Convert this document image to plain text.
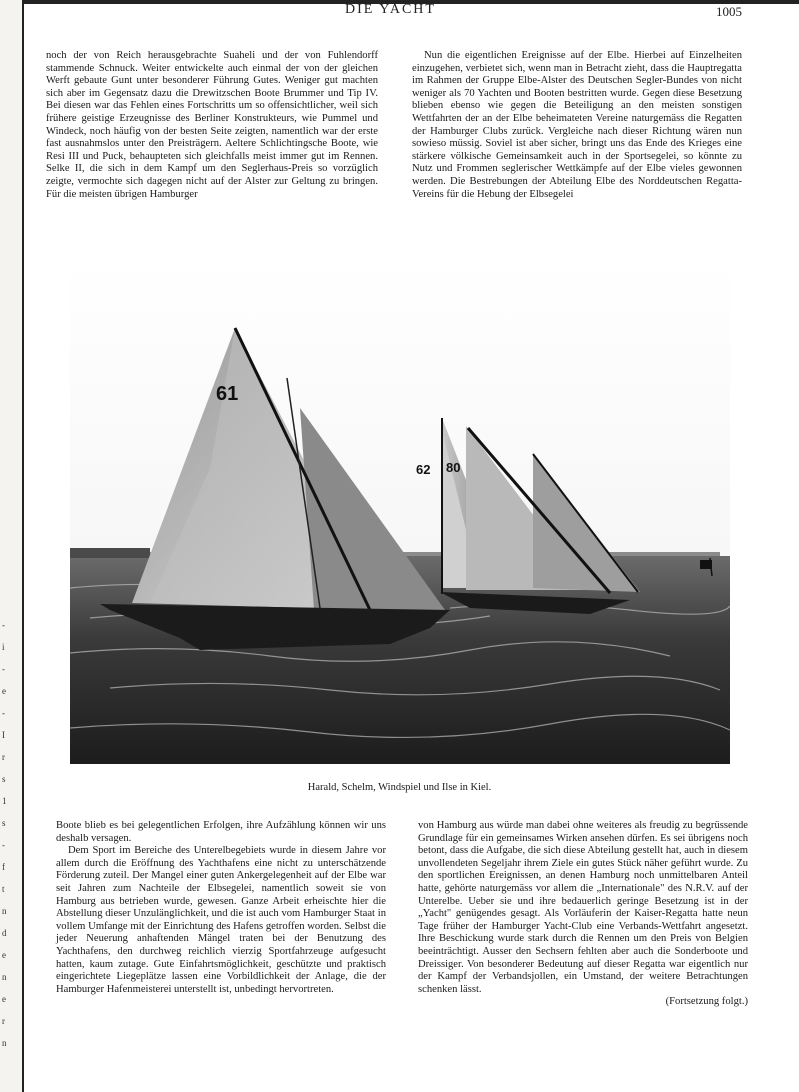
-
i
-
e
-
I
r
s
1
s
-
f
t
n
d
e
n
e
r
n
DIE YACHT	1005

noch der von Reich herausgebrachte Suaheli und der von Fuhlendorff stammende Schnuck. Weiter entwickelte auch einmal der von der gleichen Werft gebaute Gunt unter besonderer Führung Gutes. Weniger gut machten sich aber im Gegensatz dazu die Drewitzschen Boote Brummer und Tip IV. Bei diesen war das Fehlen eines Fortschritts um so offensichtlicher, weil sich frühere geistige Erzeugnisse des Berliner Konstrukteurs, wie Pummel und Windeck, noch häufig von der besten Seite zeigten, namentlich war der erste fast ausnahmslos unter den Preisträgern. Aeltere Schlichtingsche Boote, wie Resi III und Puck, behaupteten sich gleichfalls meist immer gut im Rennen. Selke II, die sich in dem Kampf um den Seglerhaus-Preis so vorzüglich zeigte, vermochte sich dagegen nicht auf der Alster zur Geltung zu bringen. Für die meisten übrigen Hamburger

Nun die eigentlichen Ereignisse auf der Elbe. Hierbei auf Einzelheiten einzugehen, verbietet sich, wenn man in Betracht zieht, dass die Hauptregatta im Rahmen der Gruppe Elbe-Alster des Deutschen Segler-Bundes von nicht weniger als 70 Yachten und Booten bestritten wurde. Gegen diese Besetzung blieben ebenso wie gegen die Beteiligung an den meisten sonstigen Wettfahrten der an der Elbe beheimateten Vereine naturgemäss die Regatten der Hamburger Clubs zurück. Vergleiche nach dieser Richtung wären nun sowieso müssig. Soviel ist aber sicher, bringt uns das Ende des Krieges eine stärkere völkische Gemeinsamkeit auch in der Sportsegelei, so könnte zu Nutz und Frommen seglerischer Wettkämpfe auf der Elbe vieles gewonnen werden. Die Bestrebungen der Abteilung Elbe des Norddeutschen Regatta-Vereins für die Hebung der Elbsegelei

62 80
61
Harald, Schelm, Windspiel und Ilse in Kiel.

Boote blieb es bei gelegentlichen Erfolgen, ihre Aufzählung können wir uns deshalb versagen.

Dem Sport im Bereiche des Unterelbegebiets wurde in diesem Jahre vor allem durch die Eröffnung des Yachthafens eine nicht zu unterschätzende Förderung zuteil. Der Mangel einer guten Ankergelegenheit auf der Elbe war seit Jahren zum Nachteile der Elbsegelei, namentlich soweit sie von Hamburg aus betrieben wurde, gewesen. Ganze Arbeit erheischte hier die Abstellung dieser Unzulänglichkeit, und die ist auch vom Hamburger Staat in vollem Umfange mit der Einrichtung des Hafens getroffen worden. Selbst die jeder Neuerung anhaftenden Mängel traten bei der Benutzung des Yachthafens, den durchweg reichlich vierzig Sportfahrzeuge aufgesucht hatten, kaum zutage. Gute Einfahrtsmöglichkeit, geschützte und praktisch eingerichtete Liegeplätze lassen eine Vorbildlichkeit der Anlage, die der Hamburger Hafenmeisterei unterstellt ist, unbedingt hervortreten.

von Hamburg aus würde man dabei ohne weiteres als freudig zu begrüssende Grundlage für ein gemeinsames Wirken ansehen dürfen. Es sei übrigens noch betont, dass die Aufgabe, die sich diese Abteilung gestellt hat, auch in diesem unvollendeten Segeljahr ihrem Ziele ein gutes Stück näher geführt wurde. Zu den sportlichen Ereignissen, an denen Hamburg noch unmittelbaren Anteil hatte, gehörte naturgemäss vor allem die „Internationale" des N.R.V. auf der Unterelbe. Ueber sie und ihre bedauerlich geringe Besetzung ist in der „Yacht" genügendes gesagt. Als Vorläuferin der Kaiser-Regatta hatte neun Tage früher der Hamburger Yacht-Club eine Verbands-Wettfahrt angesetzt. Ihre Beschickung wurde stark durch die Rennen um den Preis von Belgien beeinträchtigt. Ausser den Sechsern fehlten aber auch die Sonderboote und Dreissiger. Von besonderer Bedeutung auf dieser Regatta war eigentlich nur der Kampf der Verbandsjollen, ein Umstand, der weitere Betrachtungen schenken lässt.

(Fortsetzung folgt.)
